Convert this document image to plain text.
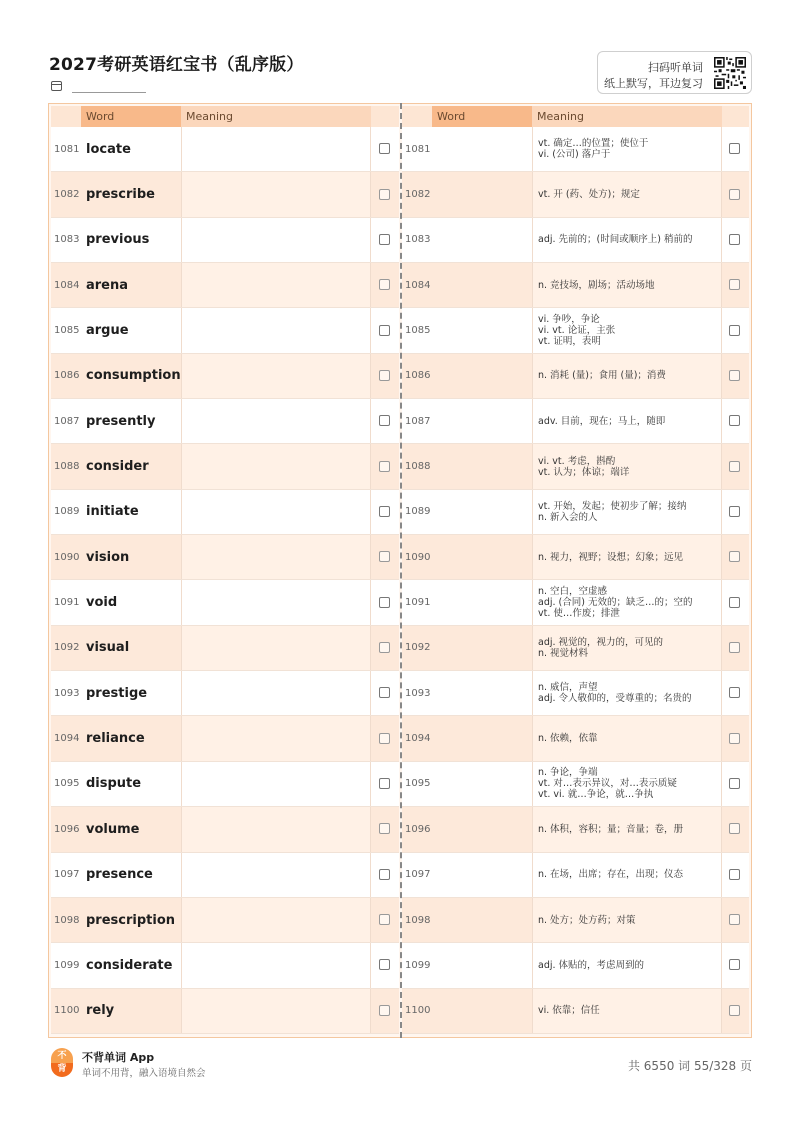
2027考研英语红宝书（乱序版）	扫码听单词
纸上默写，耳边复习
Word	Meaning
1081 locate
1082 prescribe
1083 previous
1084 arena
1085 argue
1086 consumption
1087 presently
1088 consider
1089 initiate
1090 vision
1091 void
1092 visual
1093 prestige
1094 reliance
1095 dispute
1096 volume
1097 presence
1098 prescription
1099 considerate
1100 rely
Word	Meaning
1081	vt. 确定…的位置；使位于
vi. (公司) 落户于
1082	vt. 开 (药、处方)；规定
1083	adj. 先前的；(时间或顺序上) 稍前的
1084	n. 竞技场，剧场；活动场地
1085
vi. 争吵，争论
vi. vt. 论证，主张
vt. 证明，表明
1086	n. 消耗 (量)；食用 (量)；消费
1087	adv. 目前，现在；马上，随即
1088	vi. vt. 考虑，斟酌
vt. 认为；体谅；端详
1089	vt. 开始，发起；使初步了解；接纳
n. 新入会的人
1090	n. 视力，视野；设想；幻象；远见
1091
n. 空白，空虚感
adj. (合同) 无效的；缺乏…的；空的
vt. 使…作废；排泄
1092	adj. 视觉的，视力的，可见的
n. 视觉材料
1093	n. 威信，声望
adj. 令人敬仰的，受尊重的；名贵的
1094	n. 依赖，依靠
1095
n. 争论，争端
vt. 对…表示异议，对…表示质疑
vt. vi. 就…争论，就…争执
1096	n. 体积，容积；量；音量；卷，册
1097	n. 在场，出席；存在，出现；仪态
1098	n. 处方；处方药；对策
1099	adj. 体贴的，考虑周到的
1100	vi. 依靠；信任
不
背
不背单词 App
单词不用背，融入语境自然会
共 6550 词 55/328 页
